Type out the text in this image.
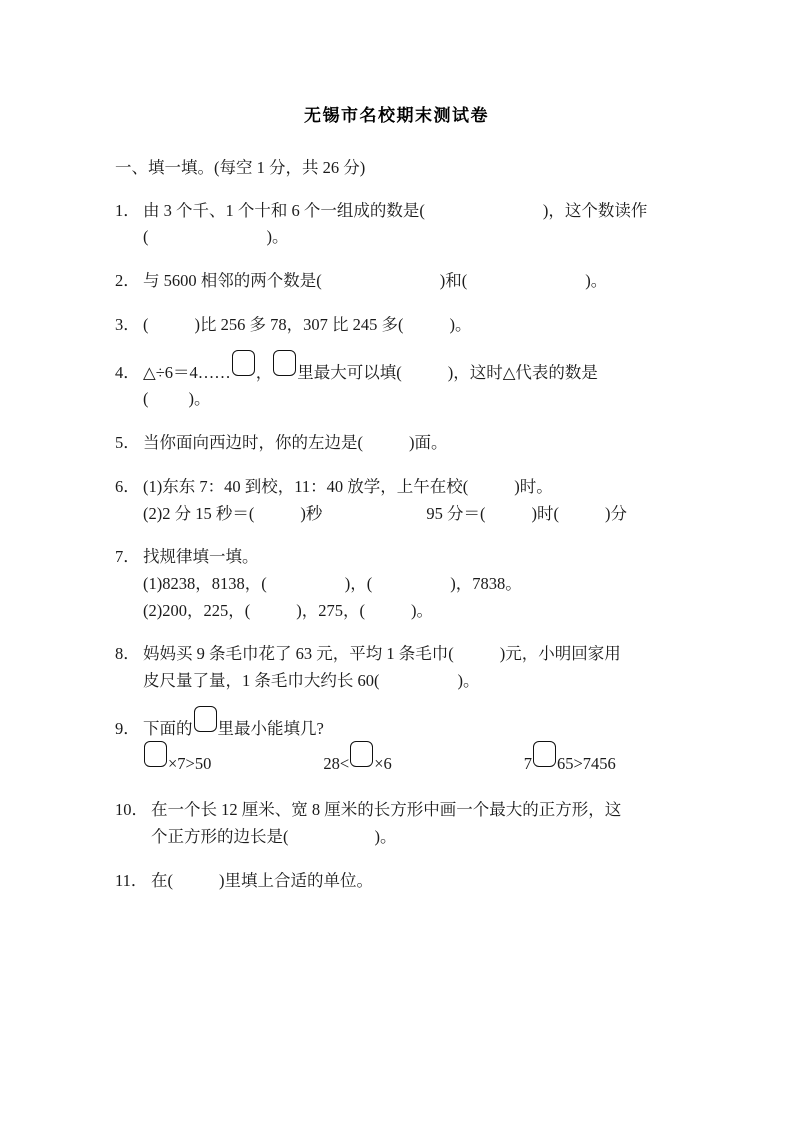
无锡市名校期末测试卷
一、填一填。(每空 1 分，共 26 分)
1． 由 3 个千、1 个十和 6 个一组成的数是(	)，这个数读作
(	)。
2． 与 5600 相邻的两个数是(	)和(	)。
3． (	)比 256 多 78，307 比 245 多(	)。
4． △÷6＝4…… ， 里最大可以填(	)，这时△代表的数是
( )。
5． 当你面向西边时，你的左边是(	)面。
6． (1)东东 7：40 到校，11：40 放学，上午在校(	)时。
(2)2 分 15 秒＝(	)秒	95 分＝(	)时(	)分
7． 找规律填一填。
(1)8238，8138，(	)，(	)，7838。
(2)200，225，(	)，275，(	)。
8． 妈妈买 9 条毛巾花了 63 元，平均 1 条毛巾(	)元，小明回家用
皮尺量了量，1 条毛巾大约长 60(	)。
9． 下面的 里最小能填几?
×7>50	28< ×6	7 65>7456
10． 在一个长 12 厘米、宽 8 厘米的长方形中画一个最大的正方形，这
个正方形的边长是(	)。
11． 在(	)里填上合适的单位。
